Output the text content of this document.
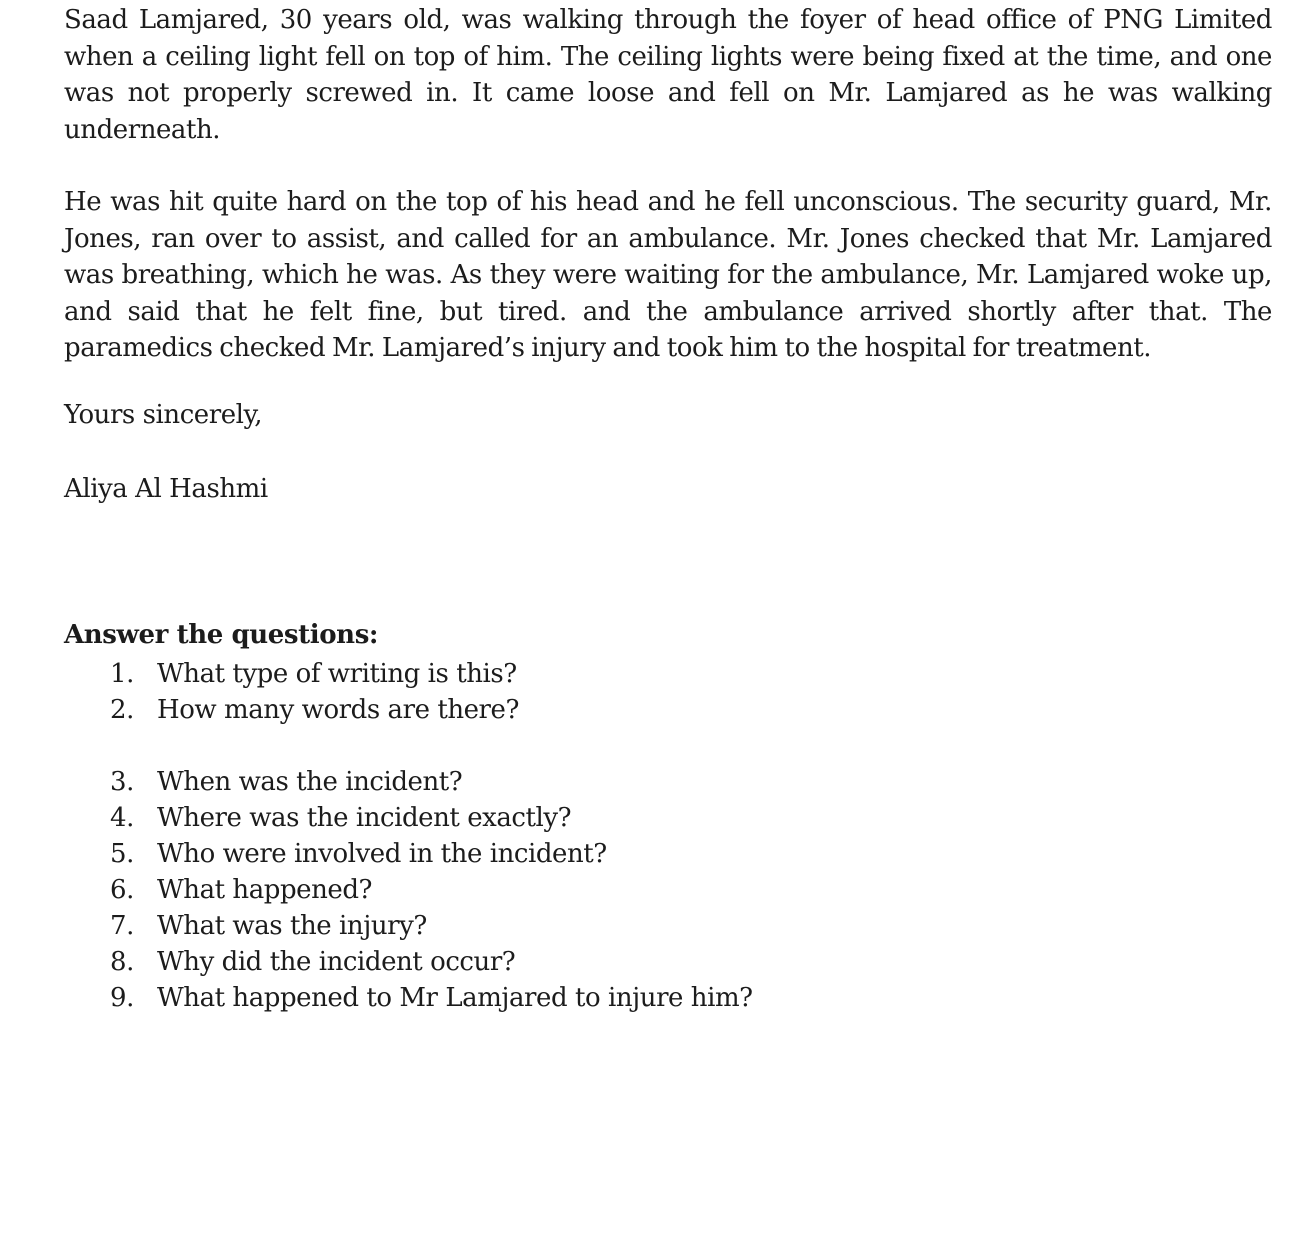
Saad Lamjared, 30 years old, was walking through the foyer of head office of PNG Limited when a ceiling light fell on top of him. The ceiling lights were being fixed at the time, and one was not properly screwed in. It came loose and fell on Mr. Lamjared as he was walking underneath.

He was hit quite hard on the top of his head and he fell unconscious. The security guard, Mr. Jones, ran over to assist, and called for an ambulance. Mr. Jones checked that Mr. Lamjared was breathing, which he was. As they were waiting for the ambulance, Mr. Lamjared woke up, and said that he felt fine, but tired. and the ambulance arrived shortly after that. The paramedics checked Mr. Lamjared’s injury and took him to the hospital for treatment.

Yours sincerely,

Aliya Al Hashmi

Answer the questions:

1. What type of writing is this?
2. How many words are there?
3. When was the incident?
4. Where was the incident exactly?
5. Who were involved in the incident?
6. What happened?
7. What was the injury?
8. Why did the incident occur?
9. What happened to Mr Lamjared to injure him?
